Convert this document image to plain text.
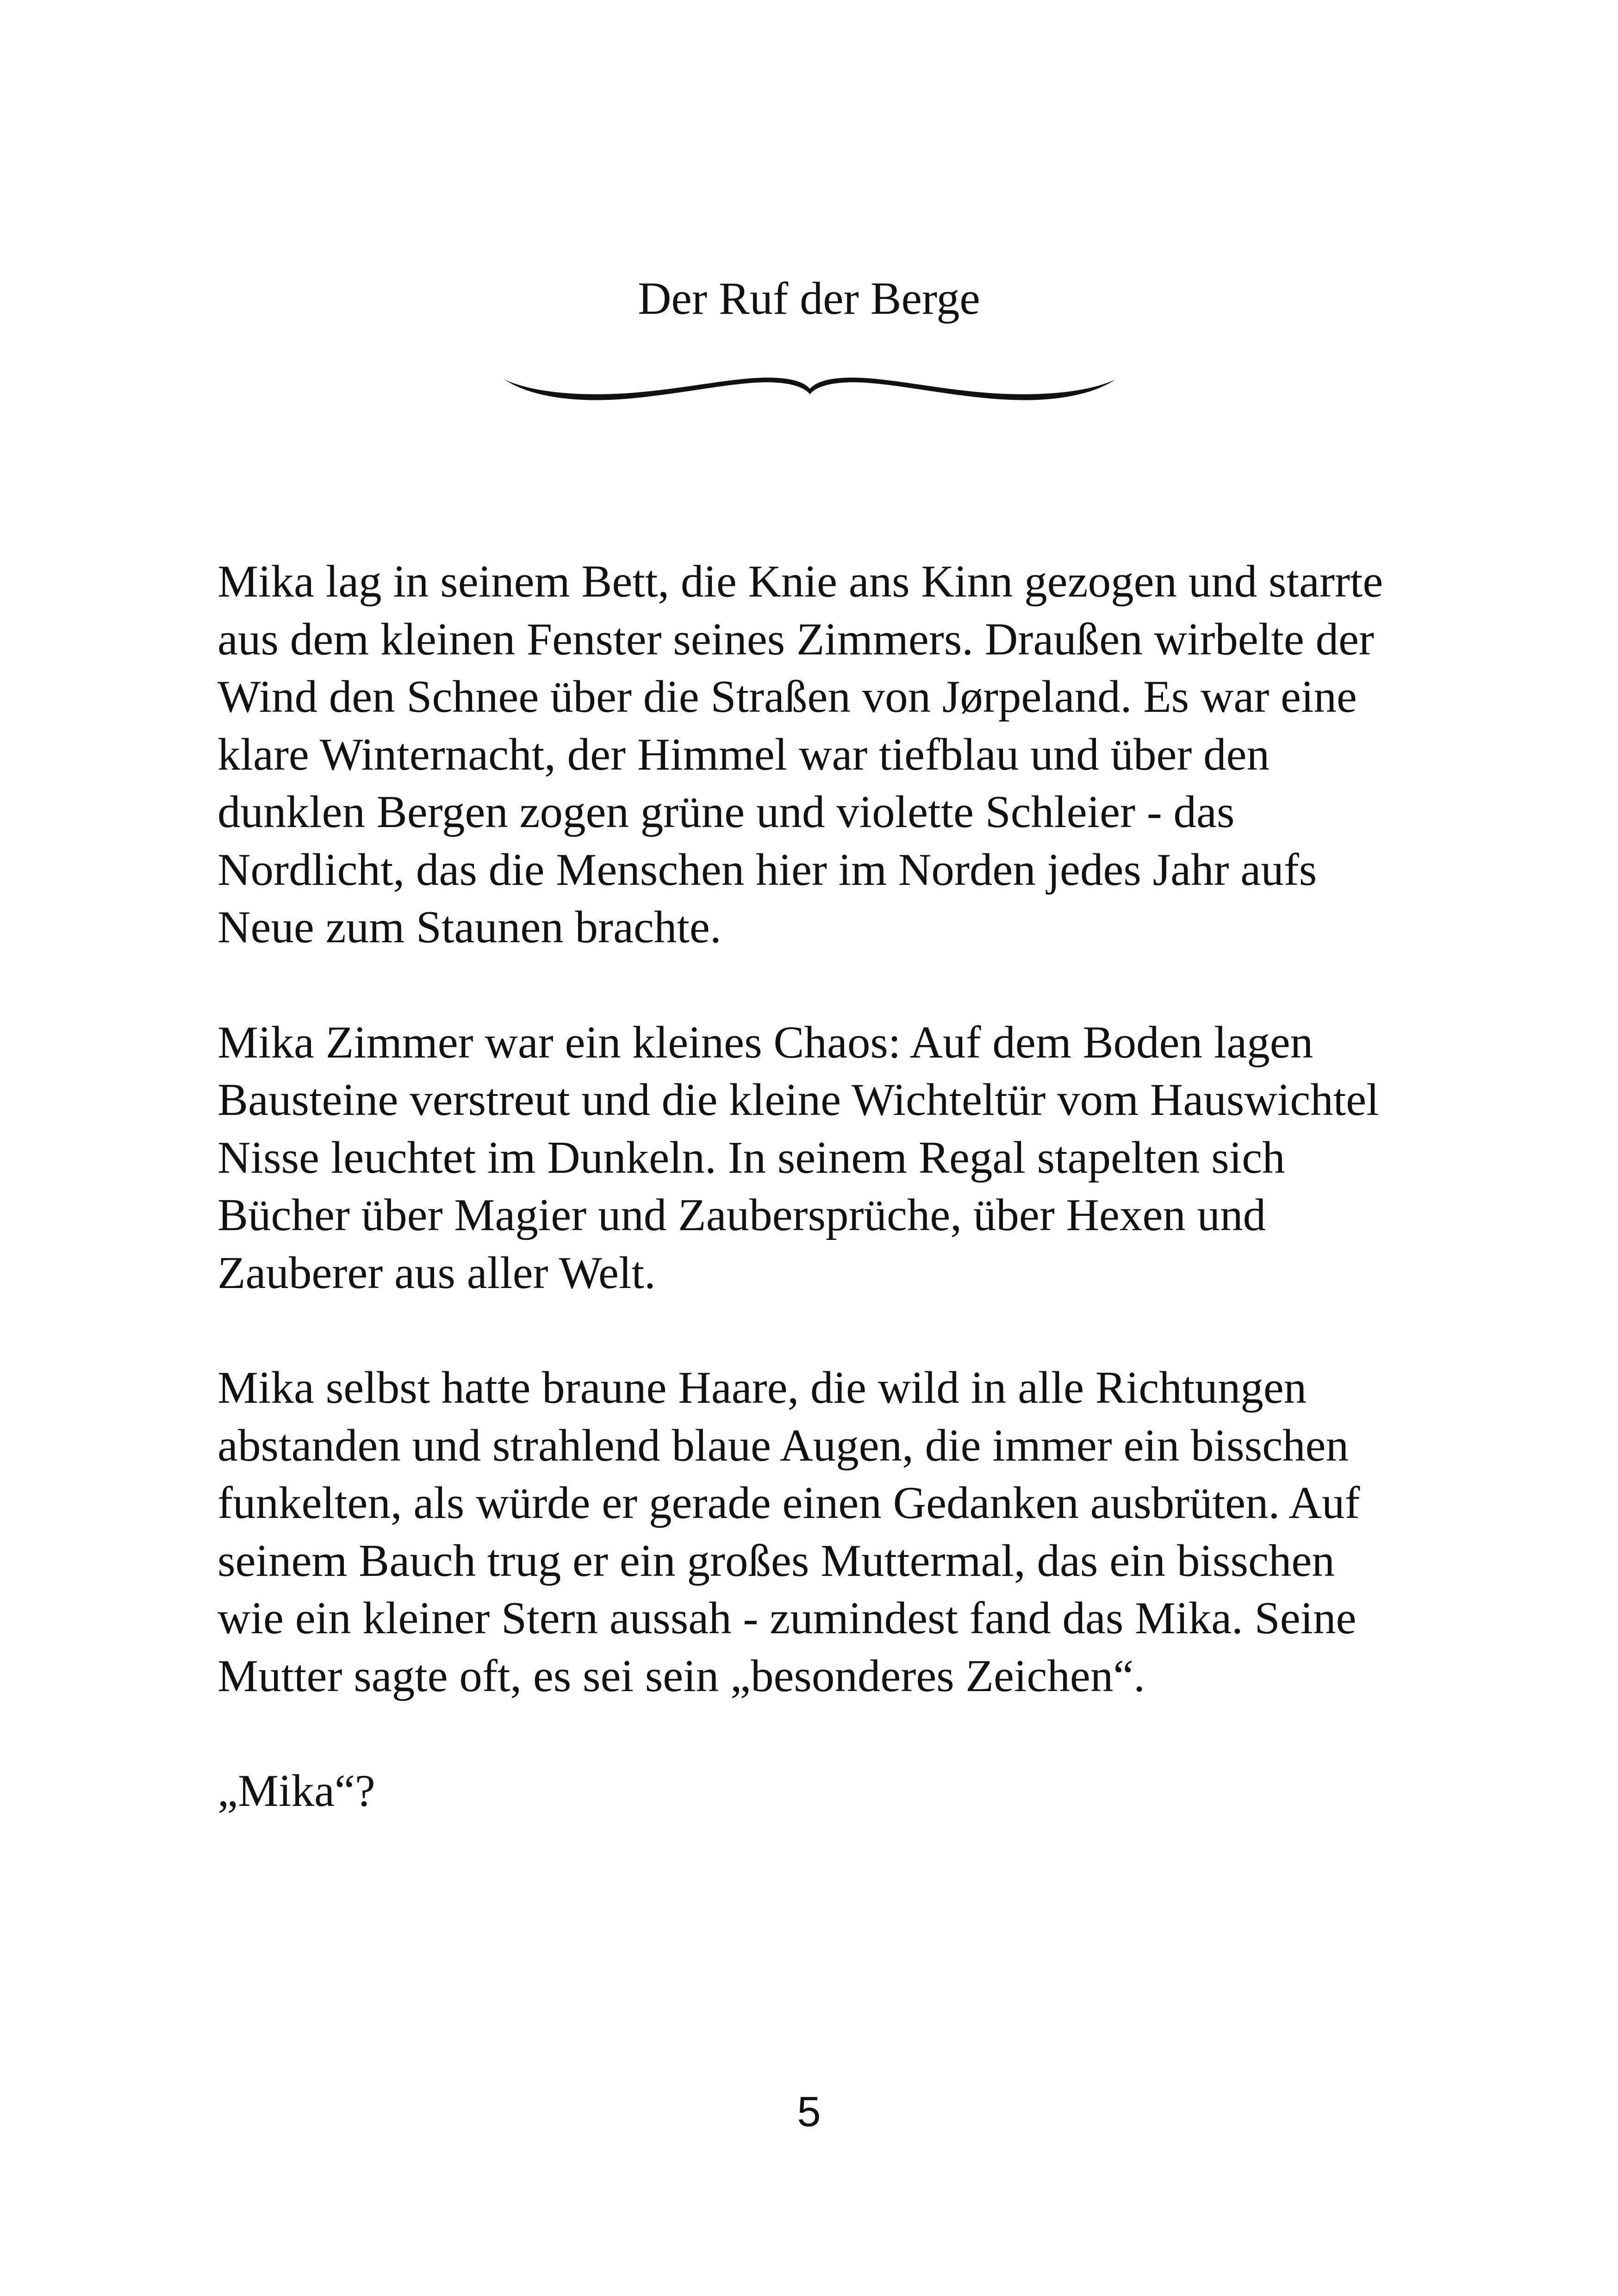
Der Ruf der Berge

Mika lag in seinem Bett, die Knie ans Kinn gezogen und starrte
aus dem kleinen Fenster seines Zimmers. Draußen wirbelte der
Wind den Schnee über die Straßen von Jørpeland. Es war eine
klare Winternacht, der Himmel war tiefblau und über den
dunklen Bergen zogen grüne und violette Schleier - das
Nordlicht, das die Menschen hier im Norden jedes Jahr aufs
Neue zum Staunen brachte.

Mika Zimmer war ein kleines Chaos: Auf dem Boden lagen
Bausteine verstreut und die kleine Wichteltür vom Hauswichtel
Nisse leuchtet im Dunkeln. In seinem Regal stapelten sich
Bücher über Magier und Zaubersprüche, über Hexen und
Zauberer aus aller Welt.

Mika selbst hatte braune Haare, die wild in alle Richtungen
abstanden und strahlend blaue Augen, die immer ein bisschen
funkelten, als würde er gerade einen Gedanken ausbrüten. Auf
seinem Bauch trug er ein großes Muttermal, das ein bisschen
wie ein kleiner Stern aussah - zumindest fand das Mika. Seine
Mutter sagte oft, es sei sein „besonderes Zeichen“.

„Mika“?

5
